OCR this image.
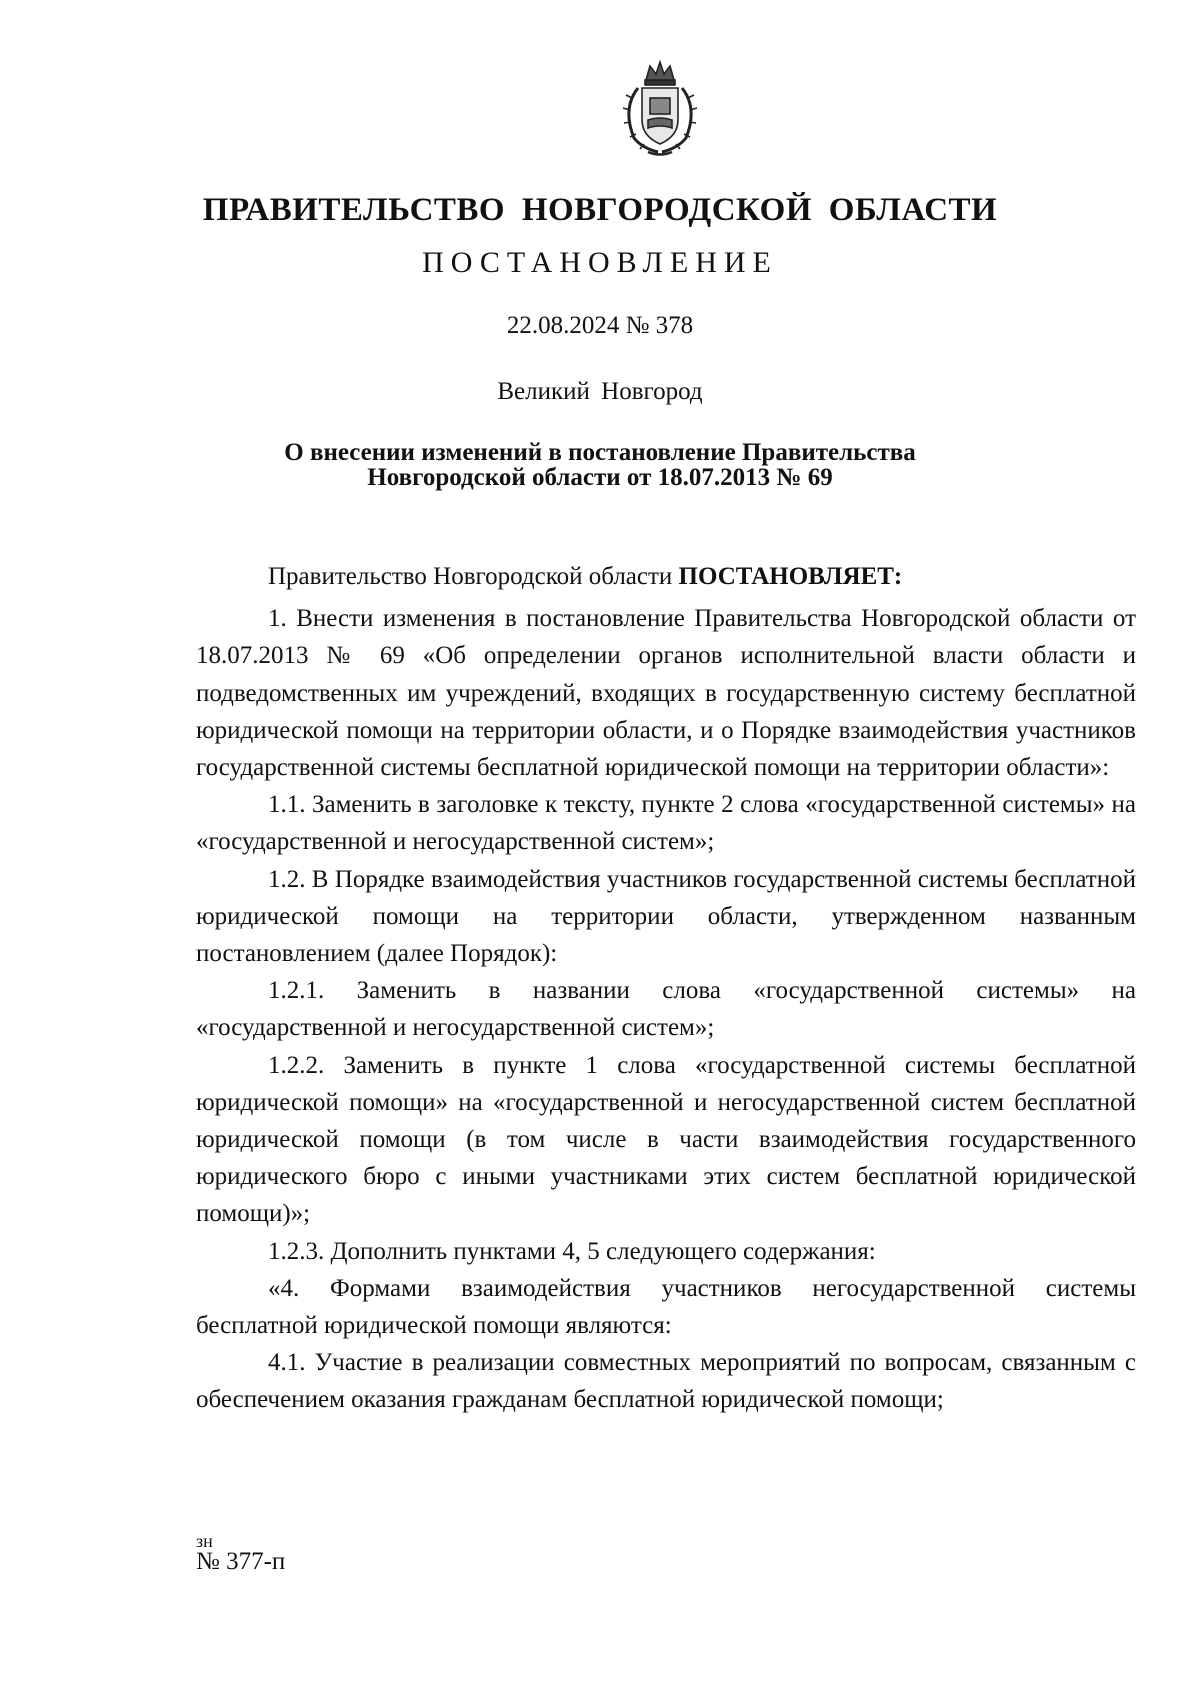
ПРАВИТЕЛЬСТВО НОВГОРОДСКОЙ ОБЛАСТИ
ПОСТАНОВЛЕНИЕ
22.08.2024 № 378
Великий Новгород
О внесении изменений в постановление Правительства
Новгородской области от 18.07.2013 № 69

Правительство Новгородской области ПОСТАНОВЛЯЕТ:

1. Внести изменения в постановление Правительства Новгородской области от 18.07.2013 № 69 «Об определении органов исполнительной власти области и подведомственных им учреждений, входящих в государственную систему бесплатной юридической помощи на территории области, и о Порядке взаимодействия участников государственной системы бесплатной юридической помощи на территории области»:

1.1. Заменить в заголовке к тексту, пункте 2 слова «государственной системы» на «государственной и негосударственной систем»;

1.2. В Порядке взаимодействия участников государственной системы бесплатной юридической помощи на территории области, утвержденном названным постановлением (далее Порядок):

1.2.1. Заменить в названии слова «государственной системы» на «государственной и негосударственной систем»;

1.2.2. Заменить в пункте 1 слова «государственной системы бесплатной юридической помощи» на «государственной и негосударственной систем бесплатной юридической помощи (в том числе в части взаимодействия государственного юридического бюро с иными участниками этих систем бесплатной юридической помощи)»;

1.2.3. Дополнить пунктами 4, 5 следующего содержания:

«4. Формами взаимодействия участников негосударственной системы бесплатной юридической помощи являются:

4.1. Участие в реализации совместных мероприятий по вопросам, связанным с обеспечением оказания гражданам бесплатной юридической помощи;

зн
№ 377-п
